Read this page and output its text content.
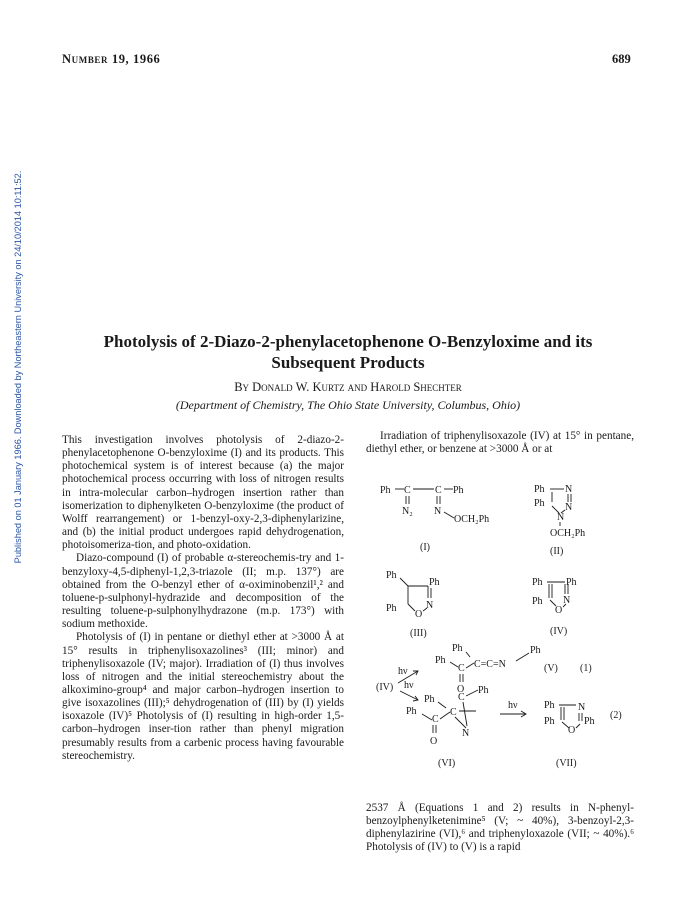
Number 19, 1966	689
Published on 01 January 1966. Downloaded by Northeastern University on 24/10/2014 10:11:52.	Photolysis of 2-Diazo-2-phenylacetophenone O-Benzyloxime and its Subsequent Products
By Donald W. Kurtz and Harold Shechter
(Department of Chemistry, The Ohio State University, Columbus, Ohio)

This investigation involves photolysis of 2-diazo-2-phenylacetophenone O-benzyloxime (I) and its products. This photochemical system is of interest because (a) the major photochemical process occurring with loss of nitrogen results in intra-molecular carbon–hydrogen insertion rather than isomerization to diphenylketen O-benzyloxime (the product of Wolff rearrangement) or 1-benzyl-oxy-2,3-diphenylarizine, and (b) the initial product undergoes rapid dehydrogenation, photoisomeriza-tion, and photo-oxidation.

Diazo-compound (I) of probable α-stereochemis-try and 1-benzyloxy-4,5-diphenyl-1,2,3-triazole (II; m.p. 137°) are obtained from the O-benzyl ether of α-oximinobenzil¹,² and toluene-p-sulphonyl-hydrazide and decomposition of the resulting toluene-p-sulphonylhydrazone (m.p. 173°) with sodium methoxide.

Photolysis of (I) in pentane or diethyl ether at >3000 Å at 15° results in triphenylisoxazolines³ (III; minor) and triphenylisoxazole (IV; major). Irradiation of (I) thus involves loss of nitrogen and the initial stereochemistry about the alkoximino-group⁴ and major carbon–hydrogen insertion to give isoxazolines (III);⁵ dehydrogenation of (III) by (I) yields isoxazole (IV)⁵ Photolysis of (I) resulting in high-order 1,5-carbon–hydrogen inser-tion rather than phenyl migration presumably results from a carbenic process having favourable stereochemistry.

Irradiation of triphenylisoxazole (IV) at 15° in pentane, diethyl ether, or benzene at >3000 Å or at

Ph C C Ph
N₂ N
OCH₂Ph
(I)
Ph
Ph
N
N
N
OCH₂Ph
(II)
Ph
Ph
N
Ph
O
(III)
Ph Ph
N
Ph
O
(IV)
Ph
Ph
C C=C=N
Ph
O
(V) (1)
(IV)
hν
hν
Ph
Ph
C
C
C
Ph
N
O
(VI)
hν	Ph N
Ph	Ph
O
(2)
(VII)

2537 Å (Equations 1 and 2) results in N-phenyl-benzoylphenylketenimine⁵ (V; ~ 40%), 3-benzoyl-2,3-diphenylazirine (VI),⁶ and triphenyloxazole (VII; ~ 40%).⁶ Photolysis of (IV) to (V) is a rapid
